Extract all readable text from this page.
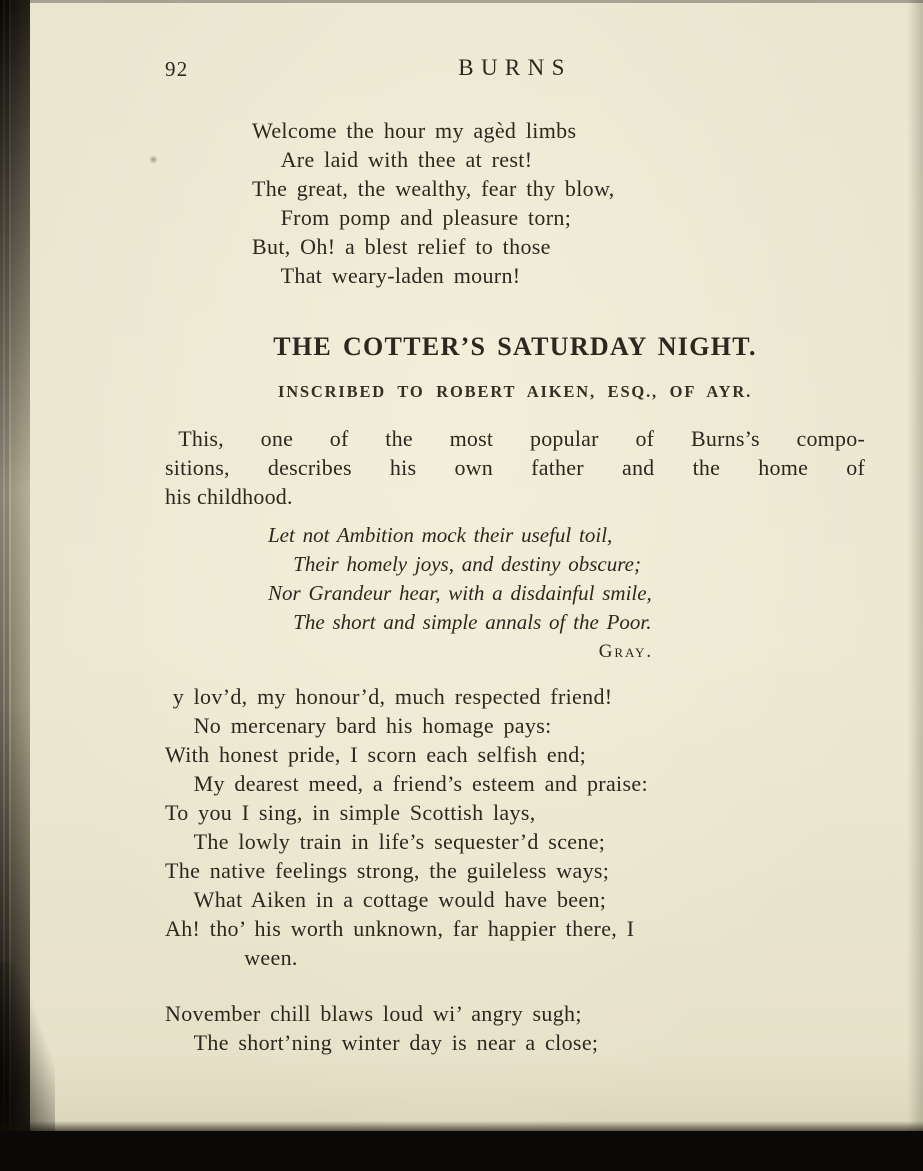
92	BURNS
Welcome the hour my agèd limbs
Are laid with thee at rest!
The great, the wealthy, fear thy blow,
From pomp and pleasure torn;
But, Oh! a blest relief to those
That weary-laden mourn!
THE COTTER’S SATURDAY NIGHT.
INSCRIBED TO ROBERT AIKEN, ESQ., OF AYR.
This, one of the most popular of Burns’s compo-
sitions, describes his own father and the home of
his childhood.
Let not Ambition mock their useful toil,
Their homely joys, and destiny obscure;
Nor Grandeur hear, with a disdainful smile,
The short and simple annals of the Poor.
Gray.
y lov’d, my honour’d, much respected friend!
No mercenary bard his homage pays:
With honest pride, I scorn each selfish end;
My dearest meed, a friend’s esteem and praise:
To you I sing, in simple Scottish lays,
The lowly train in life’s sequester’d scene;
The native feelings strong, the guileless ways;
What Aiken in a cottage would have been;
Ah! tho’ his worth unknown, far happier there, I
ween.
November chill blaws loud wi’ angry sugh;
The short’ning winter day is near a close;
